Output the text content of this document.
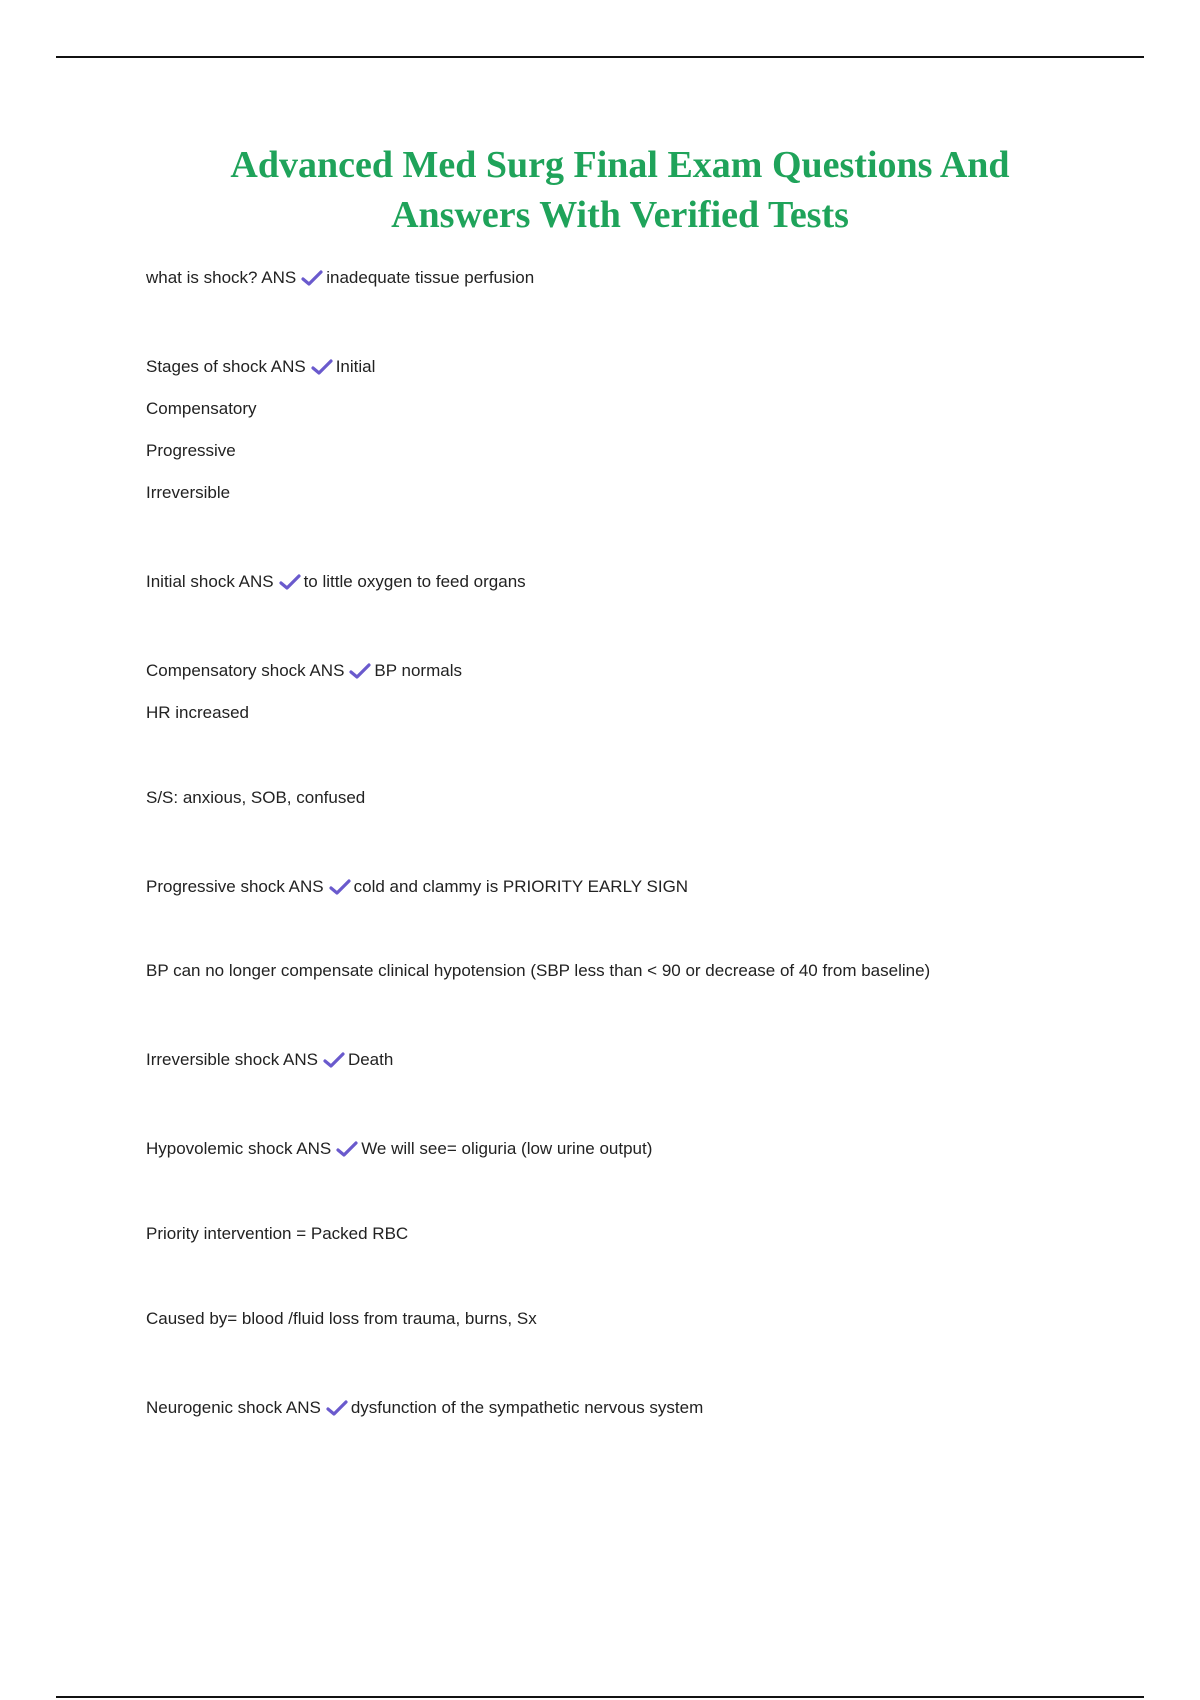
Advanced Med Surg Final Exam Questions And
Answers With Verified Tests
what is shock? ANS inadequate tissue perfusion
Stages of shock ANS Initial
Compensatory
Progressive
Irreversible
Initial shock ANS to little oxygen to feed organs
Compensatory shock ANS BP normals
HR increased
S/S: anxious, SOB, confused
Progressive shock ANS cold and clammy is PRIORITY EARLY SIGN
BP can no longer compensate clinical hypotension (SBP less than < 90 or decrease of 40 from baseline)
Irreversible shock ANS Death
Hypovolemic shock ANS We will see= oliguria (low urine output)
Priority intervention = Packed RBC
Caused by= blood /fluid loss from trauma, burns, Sx
Neurogenic shock ANS dysfunction of the sympathetic nervous system
